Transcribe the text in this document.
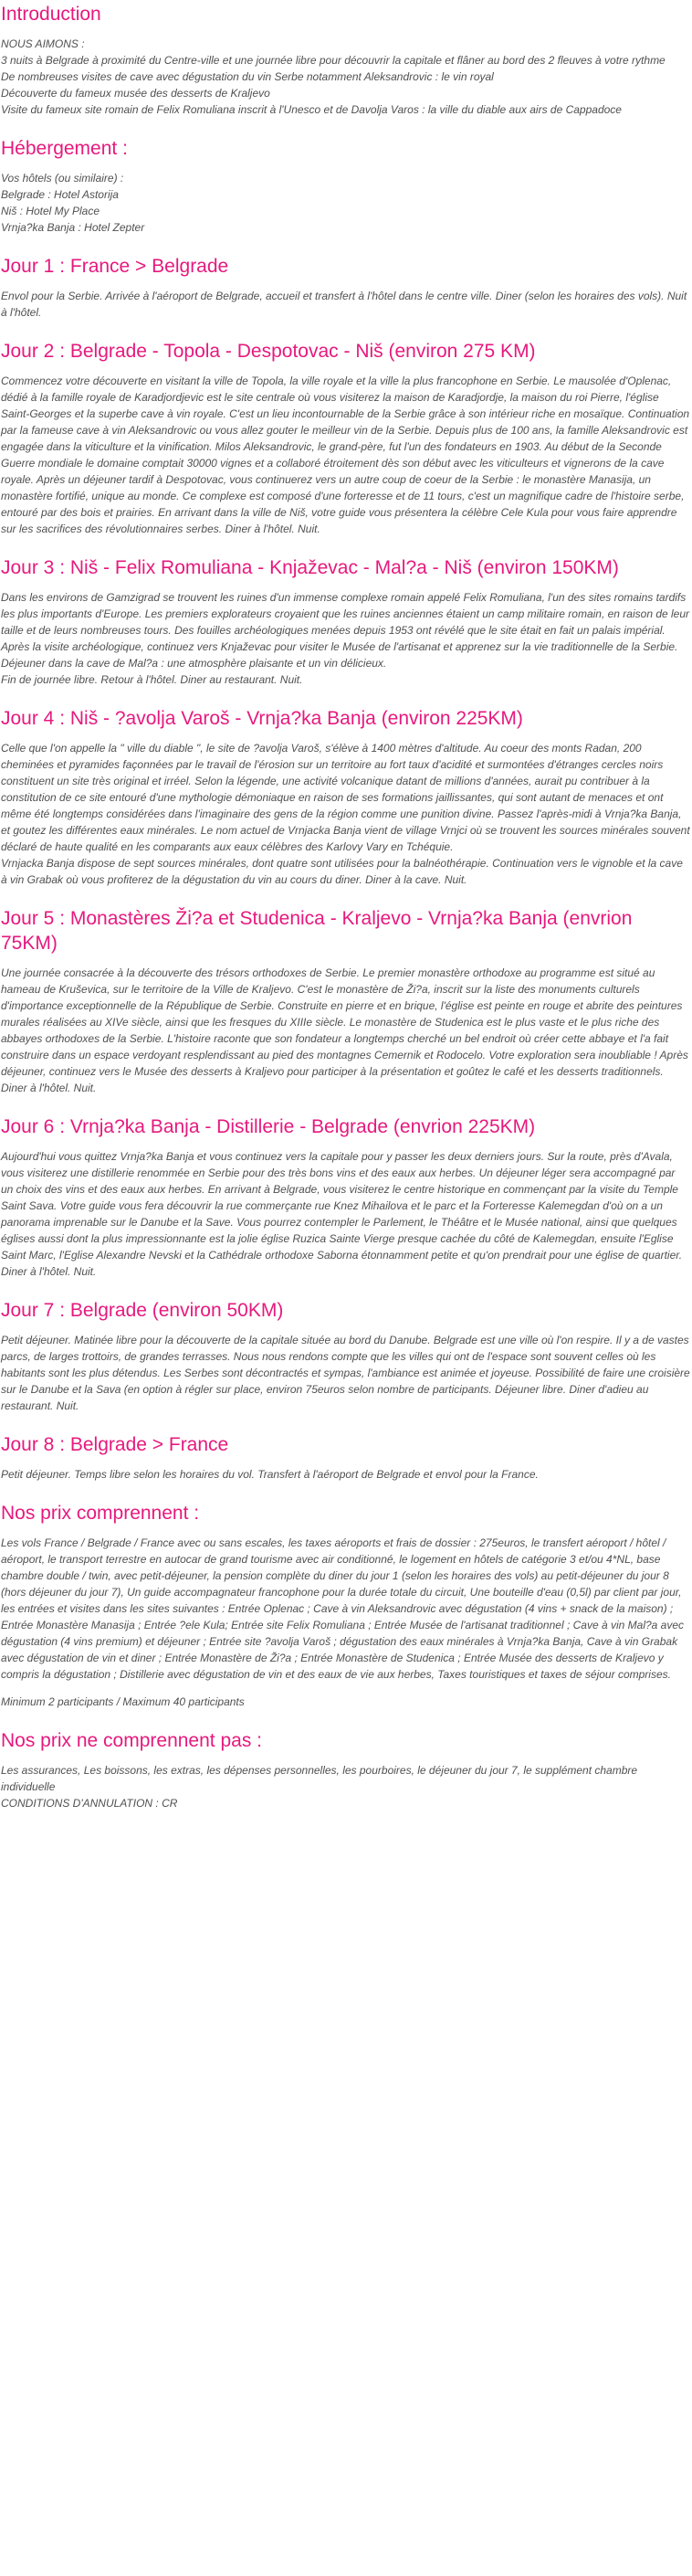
Introduction

NOUS AIMONS :

3 nuits à Belgrade à proximité du Centre-ville et une journée libre pour découvrir la capitale et flâner au bord des 2 fleuves à votre rythme

De nombreuses visites de cave avec dégustation du vin Serbe notamment Aleksandrovic : le vin royal

Découverte du fameux musée des desserts de Kraljevo

Visite du fameux site romain de Felix Romuliana inscrit à l'Unesco et de Davolja Varos : la ville du diable aux airs de Cappadoce

Hébergement :

Vos hôtels (ou similaire) :

Belgrade : Hotel Astorija

Niš : Hotel My Place

Vrnja?ka Banja : Hotel Zepter

Jour 1 : France > Belgrade

Envol pour la Serbie. Arrivée à l'aéroport de Belgrade, accueil et transfert à l'hôtel dans le centre ville. Diner (selon les horaires des vols). Nuit à l'hôtel.

Jour 2 : Belgrade - Topola - Despotovac - Niš (environ 275 KM)

Commencez votre découverte en visitant la ville de Topola, la ville royale et la ville la plus francophone en Serbie. Le mausolée d'Oplenac, dédié à la famille royale de Karadjordjevic est le site centrale où vous visiterez la maison de Karadjordje, la maison du roi Pierre, l'église Saint-Georges et la superbe cave à vin royale. C'est un lieu incontournable de la Serbie grâce à son intérieur riche en mosaïque. Continuation par la fameuse cave à vin Aleksandrovic ou vous allez gouter le meilleur vin de la Serbie. Depuis plus de 100 ans, la famille Aleksandrovic est engagée dans la viticulture et la vinification. Milos Aleksandrovic, le grand-père, fut l'un des fondateurs en 1903. Au début de la Seconde Guerre mondiale le domaine comptait 30000 vignes et a collaboré étroitement dès son début avec les viticulteurs et vignerons de la cave royale. Après un déjeuner tardif à Despotovac, vous continuerez vers un autre coup de coeur de la Serbie : le monastère Manasija, un monastère fortifié, unique au monde. Ce complexe est composé d'une forteresse et de 11 tours, c'est un magnifique cadre de l'histoire serbe, entouré par des bois et prairies. En arrivant dans la ville de Niš, votre guide vous présentera la célèbre Cele Kula pour vous faire apprendre sur les sacrifices des révolutionnaires serbes. Diner à l'hôtel. Nuit.

Jour 3 : Niš - Felix Romuliana - Knjaževac - Mal?a - Niš (environ 150KM)

Dans les environs de Gamzigrad se trouvent les ruines d'un immense complexe romain appelé Felix Romuliana, l'un des sites romains tardifs les plus importants d'Europe. Les premiers explorateurs croyaient que les ruines anciennes étaient un camp militaire romain, en raison de leur taille et de leurs nombreuses tours. Des fouilles archéologiques menées depuis 1953 ont révélé que le site était en fait un palais impérial. Après la visite archéologique, continuez vers Knjaževac pour visiter le Musée de l'artisanat et apprenez sur la vie traditionnelle de la Serbie. Déjeuner dans la cave de Mal?a : une atmosphère plaisante et un vin délicieux.

Fin de journée libre. Retour à l'hôtel. Diner au restaurant. Nuit.

Jour 4 : Niš - ?avolja Varoš - Vrnja?ka Banja (environ 225KM)

Celle que l'on appelle la " ville du diable ", le site de ?avolja Varoš, s'élève à 1400 mètres d'altitude. Au coeur des monts Radan, 200 cheminées et pyramides façonnées par le travail de l'érosion sur un territoire au fort taux d'acidité et surmontées d'étranges cercles noirs constituent un site très original et irréel. Selon la légende, une activité volcanique datant de millions d'années, aurait pu contribuer à la constitution de ce site entouré d'une mythologie démoniaque en raison de ses formations jaillissantes, qui sont autant de menaces et ont même été longtemps considérées dans l'imaginaire des gens de la région comme une punition divine. Passez l'après-midi à Vrnja?ka Banja, et goutez les différentes eaux minérales. Le nom actuel de Vrnjacka Banja vient de village Vrnjci où se trouvent les sources minérales souvent déclaré de haute qualité en les comparants aux eaux célèbres des Karlovy Vary en Tchéquie.

Vrnjacka Banja dispose de sept sources minérales, dont quatre sont utilisées pour la balnéothérapie. Continuation vers le vignoble et la cave à vin Grabak où vous profiterez de la dégustation du vin au cours du diner. Diner à la cave. Nuit.

Jour 5 : Monastères Ži?a et Studenica - Kraljevo - Vrnja?ka Banja (envrion 75KM)

Une journée consacrée à la découverte des trésors orthodoxes de Serbie. Le premier monastère orthodoxe au programme est situé au hameau de Kruševica, sur le territoire de la Ville de Kraljevo. C'est le monastère de Ži?a, inscrit sur la liste des monuments culturels d'importance exceptionnelle de la République de Serbie. Construite en pierre et en brique, l'église est peinte en rouge et abrite des peintures murales réalisées au XIVe siècle, ainsi que les fresques du XIIIe siècle. Le monastère de Studenica est le plus vaste et le plus riche des abbayes orthodoxes de la Serbie. L'histoire raconte que son fondateur a longtemps cherché un bel endroit où créer cette abbaye et l'a fait construire dans un espace verdoyant resplendissant au pied des montagnes Cemernik et Rodocelo. Votre exploration sera inoubliable ! Après déjeuner, continuez vers le Musée des desserts à Kraljevo pour participer à la présentation et goûtez le café et les desserts traditionnels. Diner à l'hôtel. Nuit.

Jour 6 : Vrnja?ka Banja - Distillerie - Belgrade (envrion 225KM)

Aujourd'hui vous quittez Vrnja?ka Banja et vous continuez vers la capitale pour y passer les deux derniers jours. Sur la route, près d'Avala, vous visiterez une distillerie renommée en Serbie pour des très bons vins et des eaux aux herbes. Un déjeuner léger sera accompagné par un choix des vins et des eaux aux herbes. En arrivant à Belgrade, vous visiterez le centre historique en commençant par la visite du Temple Saint Sava. Votre guide vous fera découvrir la rue commerçante rue Knez Mihailova et le parc et la Forteresse Kalemegdan d'où on a un panorama imprenable sur le Danube et la Save. Vous pourrez contempler le Parlement, le Théâtre et le Musée national, ainsi que quelques églises aussi dont la plus impressionnante est la jolie église Ruzica Sainte Vierge presque cachée du côté de Kalemegdan, ensuite l'Eglise Saint Marc, l'Eglise Alexandre Nevski et la Cathédrale orthodoxe Saborna étonnamment petite et qu'on prendrait pour une église de quartier. Diner à l'hôtel. Nuit.

Jour 7 : Belgrade (environ 50KM)

Petit déjeuner. Matinée libre pour la découverte de la capitale située au bord du Danube. Belgrade est une ville où l'on respire. Il y a de vastes parcs, de larges trottoirs, de grandes terrasses. Nous nous rendons compte que les villes qui ont de l'espace sont souvent celles où les habitants sont les plus détendus. Les Serbes sont décontractés et sympas, l'ambiance est animée et joyeuse. Possibilité de faire une croisière sur le Danube et la Sava (en option à régler sur place, environ 75euros selon nombre de participants. Déjeuner libre. Diner d'adieu au restaurant. Nuit.

Jour 8 : Belgrade > France

Petit déjeuner. Temps libre selon les horaires du vol. Transfert à l'aéroport de Belgrade et envol pour la France.

Nos prix comprennent :

Les vols France / Belgrade / France avec ou sans escales, les taxes aéroports et frais de dossier : 275euros, le transfert aéroport / hôtel / aéroport, le transport terrestre en autocar de grand tourisme avec air conditionné, le logement en hôtels de catégorie 3 et/ou 4*NL, base chambre double / twin, avec petit-déjeuner, la pension complète du diner du jour 1 (selon les horaires des vols) au petit-déjeuner du jour 8 (hors déjeuner du jour 7), Un guide accompagnateur francophone pour la durée totale du circuit, Une bouteille d'eau (0,5l) par client par jour, les entrées et visites dans les sites suivantes : Entrée Oplenac ; Cave à vin Aleksandrovic avec dégustation (4 vins + snack de la maison) ; Entrée Monastère Manasija ; Entrée ?ele Kula; Entrée site Felix Romuliana ; Entrée Musée de l'artisanat traditionnel ; Cave à vin Mal?a avec dégustation (4 vins premium) et déjeuner ; Entrée site ?avolja Varoš ; dégustation des eaux minérales à Vrnja?ka Banja, Cave à vin Grabak avec dégustation de vin et diner ; Entrée Monastère de Ži?a ; Entrée Monastère de Studenica ; Entrée Musée des desserts de Kraljevo y compris la dégustation ; Distillerie avec dégustation de vin et des eaux de vie aux herbes, Taxes touristiques et taxes de séjour comprises.

Minimum 2 participants / Maximum 40 participants

Nos prix ne comprennent pas :

Les assurances, Les boissons, les extras, les dépenses personnelles, les pourboires, le déjeuner du jour 7, le supplément chambre individuelle

CONDITIONS D'ANNULATION : CR
